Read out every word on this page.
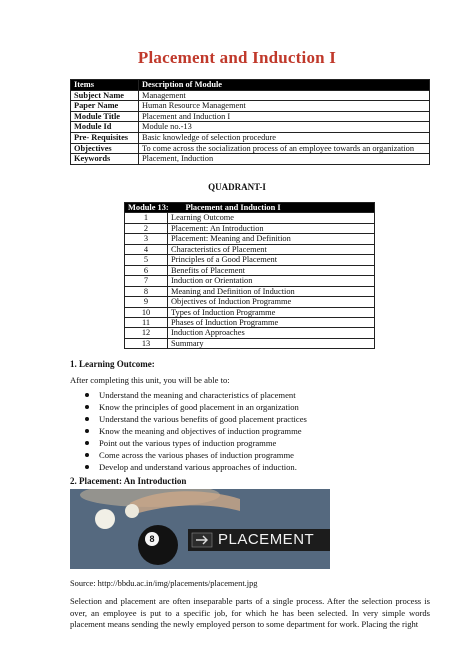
Placement and Induction I
Items	Description of Module
Subject Name	Management
Paper Name	Human Resource Management
Module Title	Placement and Induction I
Module Id	Module no.-13
Pre- Requisites	Basic knowledge of selection procedure
Objectives	To come across the socialization process of an employee towards an organization
Keywords	Placement, Induction
QUADRANT-I
Module 13:        Placement and Induction I	
1	Learning Outcome
2	Placement: An Introduction
3	Placement: Meaning and Definition
4	Characteristics of Placement
5	Principles of a Good Placement
6	Benefits of Placement
7	Induction or Orientation
8	Meaning and Definition of Induction
9	Objectives of Induction Programme
10	Types of Induction Programme
11	Phases of Induction Programme
12	Induction Approaches
13	Summary
1. Learning Outcome:
After completing this unit, you will be able to:
Understand the meaning and characteristics of placement
Know the principles of good placement in an organization
Understand the various benefits of good placement practices
Know the meaning and objectives of induction programme
Point out the various types of induction programme
Come across the various phases of induction programme
Develop and understand various approaches of induction.
2. Placement: An Introduction
8	PLACEMENT
Source: http://bbdu.ac.in/img/placements/placement.jpg
Selection and placement are often inseparable parts of a single process. After the selection process is over, an employee is put to a specific job, for which he has been selected. In very simple words placement means sending the newly employed person to some department for work. Placing the right
